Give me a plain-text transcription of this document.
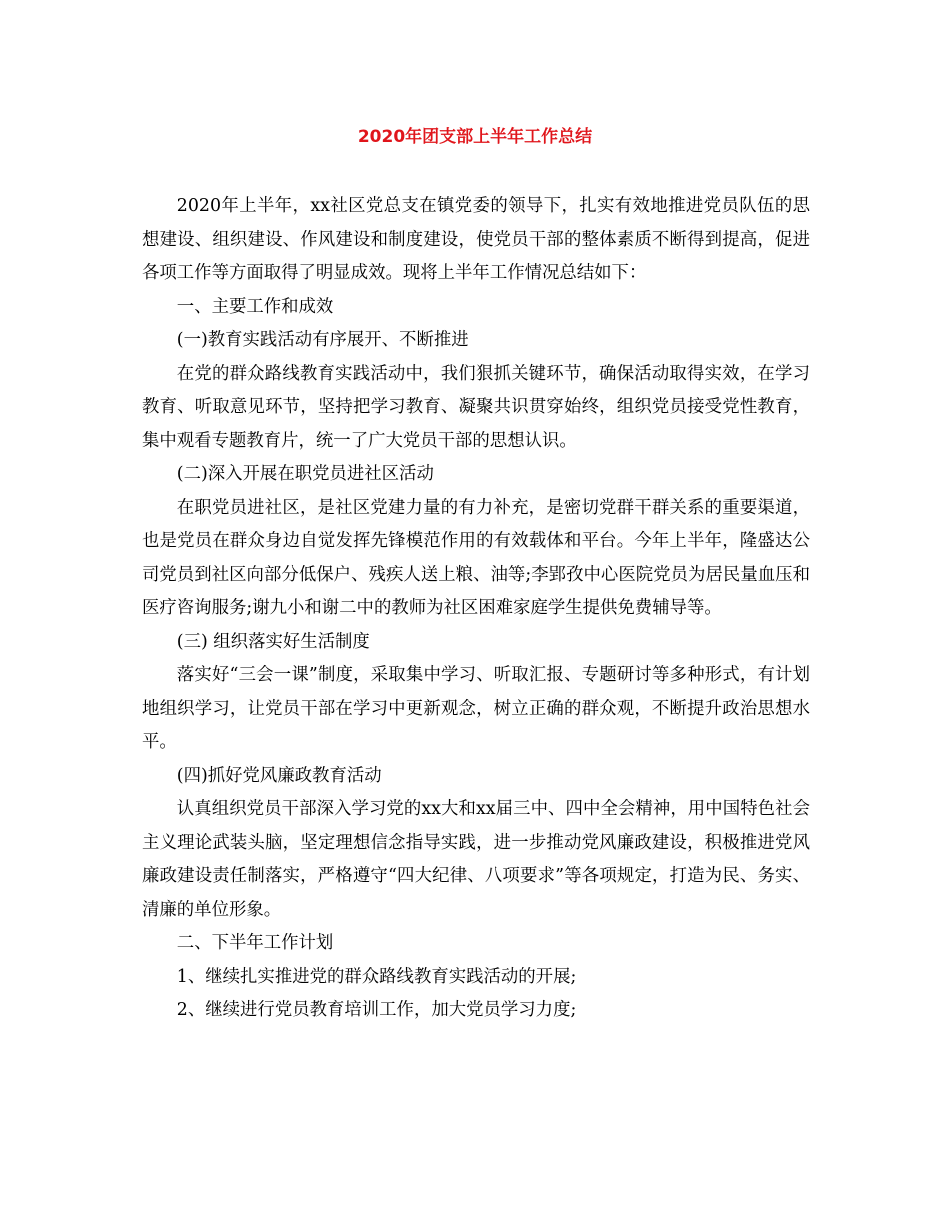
2020年团支部上半年工作总结

2020年上半年，xx社区党总支在镇党委的领导下，扎实有效地推进党员队伍的思想建设、组织建设、作风建设和制度建设，使党员干部的整体素质不断得到提高，促进各项工作等方面取得了明显成效。现将上半年工作情况总结如下：

一、主要工作和成效

(一)教育实践活动有序展开、不断推进

在党的群众路线教育实践活动中，我们狠抓关键环节，确保活动取得实效，在学习教育、听取意见环节，坚持把学习教育、凝聚共识贯穿始终，组织党员接受党性教育，集中观看专题教育片，统一了广大党员干部的思想认识。

(二)深入开展在职党员进社区活动

在职党员进社区，是社区党建力量的有力补充，是密切党群干群关系的重要渠道，也是党员在群众身边自觉发挥先锋模范作用的有效载体和平台。今年上半年，隆盛达公司党员到社区向部分低保户、残疾人送上粮、油等;李郢孜中心医院党员为居民量血压和医疗咨询服务;谢九小和谢二中的教师为社区困难家庭学生提供免费辅导等。

(三) 组织落实好生活制度

落实好“三会一课”制度，采取集中学习、听取汇报、专题研讨等多种形式，有计划地组织学习，让党员干部在学习中更新观念，树立正确的群众观，不断提升政治思想水平。

(四)抓好党风廉政教育活动

认真组织党员干部深入学习党的xx大和xx届三中、四中全会精神，用中国特色社会主义理论武装头脑，坚定理想信念指导实践，进一步推动党风廉政建设，积极推进党风廉政建设责任制落实，严格遵守“四大纪律、八项要求”等各项规定，打造为民、务实、清廉的单位形象。

二、下半年工作计划

1、继续扎实推进党的群众路线教育实践活动的开展;

2、继续进行党员教育培训工作，加大党员学习力度;
